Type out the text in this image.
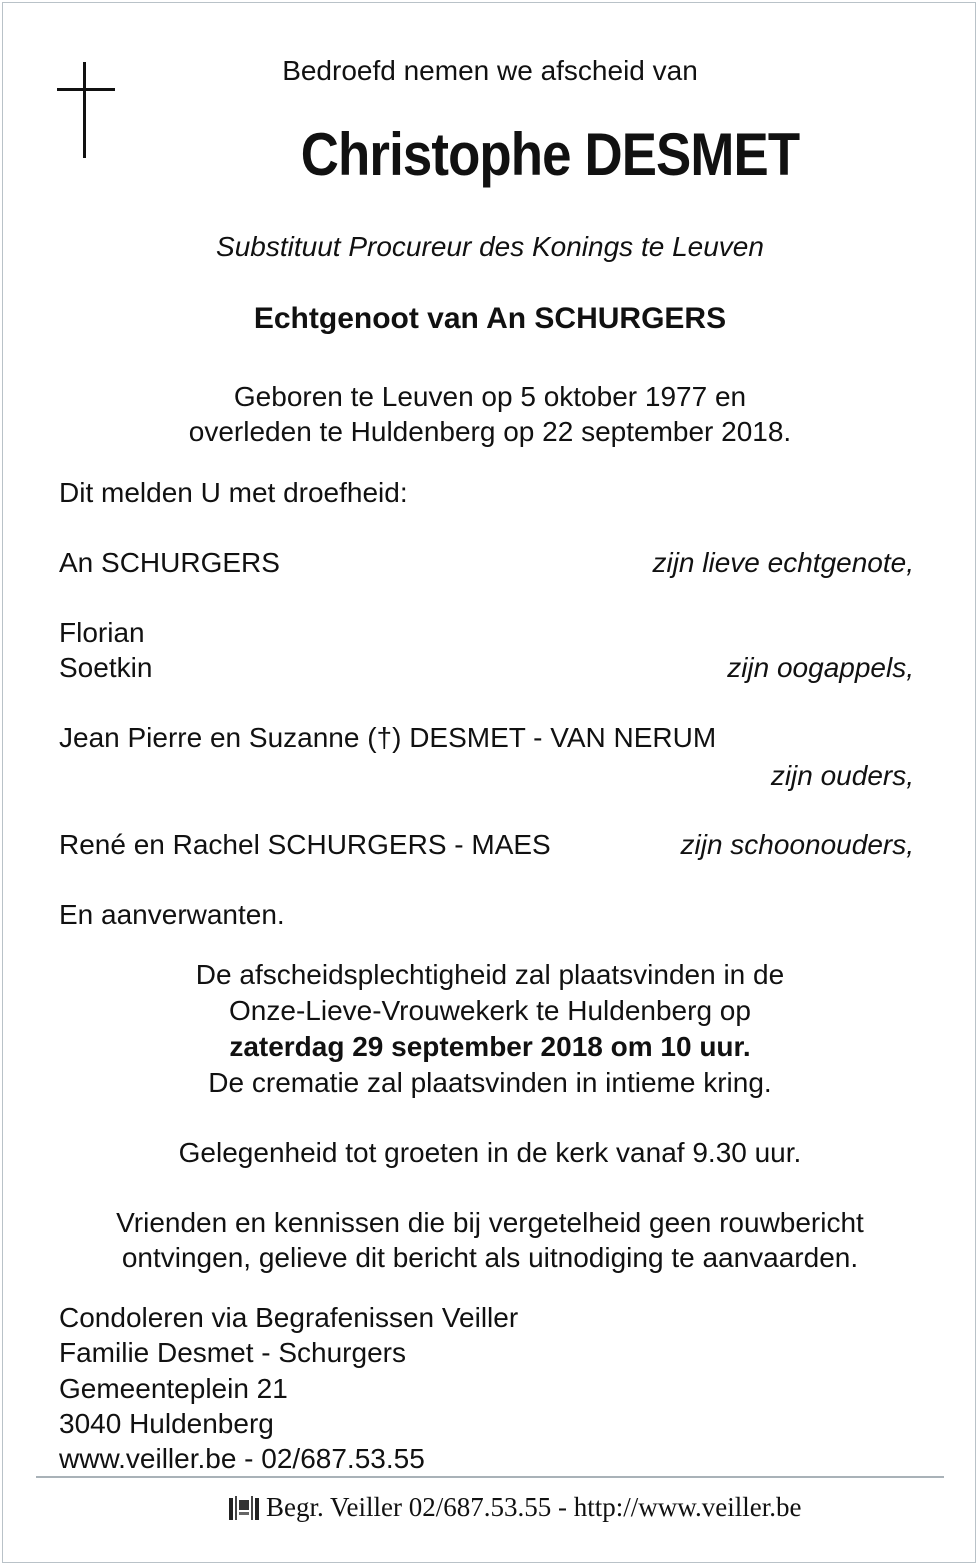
Bedroefd nemen we afscheid van
Christophe DESMET
Substituut Procureur des Konings te Leuven
Echtgenoot van An SCHURGERS
Geboren te Leuven op 5 oktober 1977 en
overleden te Huldenberg op 22 september 2018.
Dit melden U met droefheid:
An SCHURGERS	zijn lieve echtgenote,
Florian
Soetkin	zijn oogappels,
Jean Pierre en Suzanne (†) DESMET - VAN NERUM
zijn ouders,
René en Rachel SCHURGERS - MAES	zijn schoonouders,
En aanverwanten.
De afscheidsplechtigheid zal plaatsvinden in de
Onze-Lieve-Vrouwekerk te Huldenberg op
zaterdag 29 september 2018 om 10 uur.
De crematie zal plaatsvinden in intieme kring.
Gelegenheid tot groeten in de kerk vanaf 9.30 uur.
Vrienden en kennissen die bij vergetelheid geen rouwbericht
ontvingen, gelieve dit bericht als uitnodiging te aanvaarden.
Condoleren via Begrafenissen Veiller
Familie Desmet - Schurgers
Gemeenteplein 21
3040 Huldenberg
www.veiller.be - 02/687.53.55
Begr. Veiller 02/687.53.55 - http://www.veiller.be
